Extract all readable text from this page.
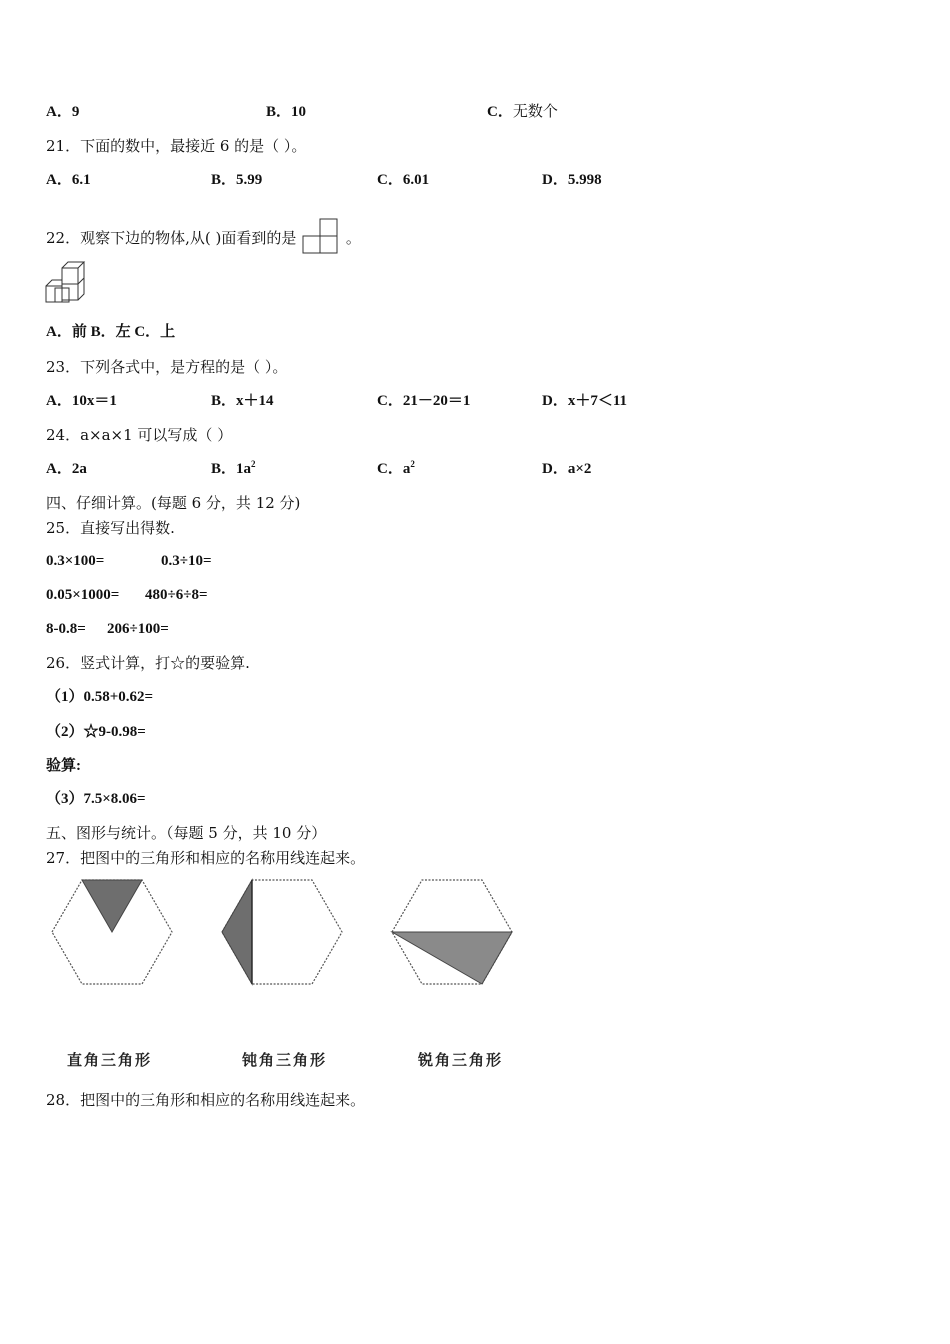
A．9	B．10	C．无数个
21．下面的数中，最接近 6 的是（ ）。
A．6.1	B．5.99	C．6.01	D．5.998
22．观察下边的物体,从( )面看到的是	。
A．前 B．左 C．上
23．下列各式中，是方程的是（ ）。
A．10x＝1	B．x＋14	C．21－20＝1	D．x＋7＜11
24．a×a×1 可以写成（ ）
A．2a	B．$1a^2$	C．$a^2$	D．a×2
四、仔细计算。(每题 6 分，共 12 分)
25．直接写出得数.
0.3×100=	0.3÷10=
0.05×1000= 480÷6÷8=
8-0.8= 206÷100=
26．竖式计算，打☆的要验算.
（1）0.58+0.62=
（2）☆9-0.98=
验算:
（3）7.5×8.06=
五、图形与统计。（每题 5 分，共 10 分）
27．把图中的三角形和相应的名称用线连起来。
直角三角形	钝角三角形	锐角三角形
28．把图中的三角形和相应的名称用线连起来。
